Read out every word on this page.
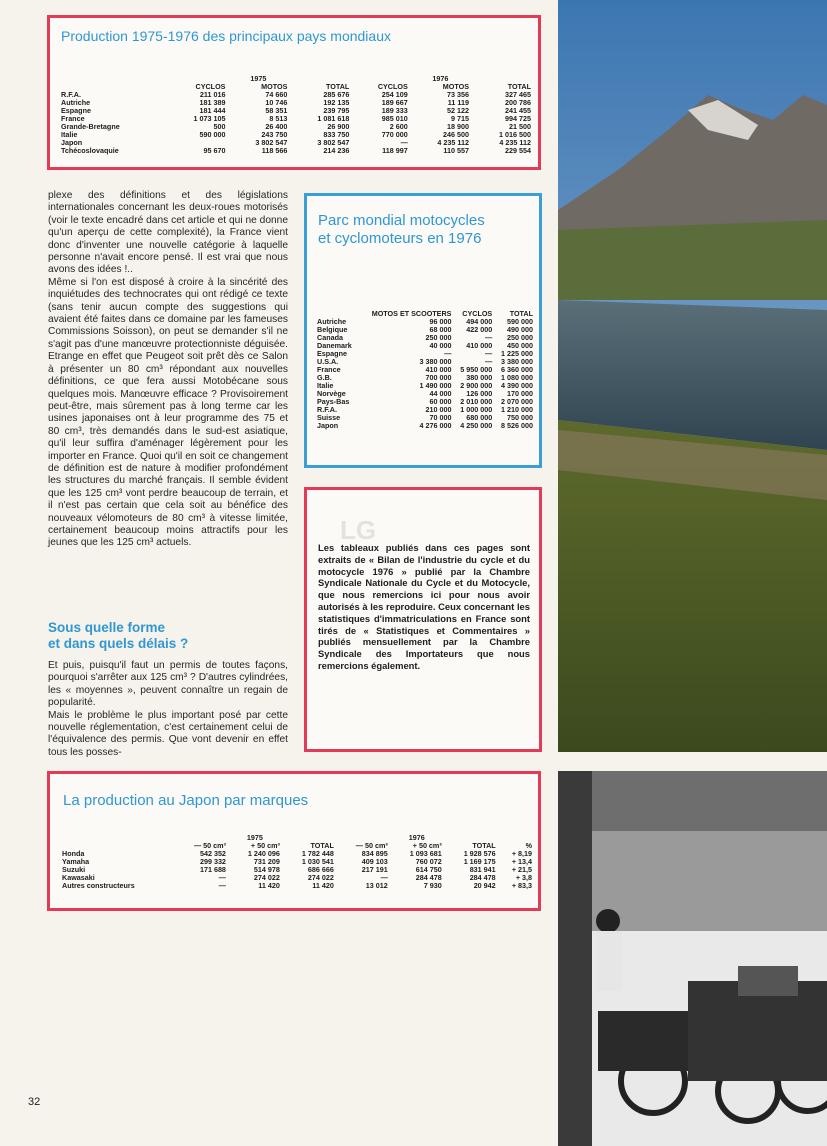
Production 1975-1976 des principaux pays mondiaux
		1975			1976	
	CYCLOS	MOTOS	TOTAL	CYCLOS	MOTOS	TOTAL
R.F.A.	211 016	74 660	285 676	254 109	73 356	327 465
Autriche	181 389	10 746	192 135	189 667	11 119	200 786
Espagne	181 444	58 351	239 795	189 333	52 122	241 455
France	1 073 105	8 513	1 081 618	985 010	9 715	994 725
Grande-Bretagne	500	26 400	26 900	2 600	18 900	21 500
Italie	590 000	243 750	833 750	770 000	246 500	1 016 500
Japon		3 802 547	3 802 547	—	4 235 112	4 235 112
Tchécoslovaquie	95 670	118 566	214 236	118 997	110 557	229 554

plexe des définitions et des législations internationales concernant les deux-roues motorisés (voir le texte encadré dans cet article et qui ne donne qu'un aperçu de cette complexité), la France vient donc d'inventer une nouvelle catégorie à laquelle personne n'avait encore pensé. Il est vrai que nous avons des idées !..

Même si l'on est disposé à croire à la sincérité des inquiétudes des technocrates qui ont rédigé ce texte (sans tenir aucun compte des suggestions qui avaient été faites dans ce domaine par les fameuses Commissions Soisson), on peut se demander s'il ne s'agit pas d'une manœuvre protectionniste déguisée. Etrange en effet que Peugeot soit prêt dès ce Salon à présenter un 80 cm³ répondant aux nouvelles définitions, ce que fera aussi Motobécane sous quelques mois. Manœuvre efficace ? Provisoirement peut-être, mais sûrement pas à long terme car les usines japonaises ont à leur programme des 75 et 80 cm³, très demandés dans le sud-est asiatique, qu'il leur suffira d'aménager légèrement pour les importer en France. Quoi qu'il en soit ce changement de définition est de nature à modifier profondément les structures du marché français. Il semble évident que les 125 cm³ vont perdre beaucoup de terrain, et il n'est pas certain que cela soit au bénéfice des nouveaux vélomoteurs de 80 cm³ à vitesse limitée, certainement beaucoup moins attractifs pour les jeunes que les 125 cm³ actuels.

Sous quelle forme
et dans quels délais ?

Et puis, puisqu'il faut un permis de toutes façons, pourquoi s'arrêter aux 125 cm³ ? D'autres cylindrées, les « moyennes », peuvent connaître un regain de popularité.

Mais le problème le plus important posé par cette nouvelle réglementation, c'est certainement celui de l'équivalence des permis. Que vont devenir en effet tous les posses-

Parc mondial motocycles
et cyclomoteurs en 1976
	MOTOS ET SCOOTERS	CYCLOS	TOTAL
Autriche	96 000	494 000	590 000
Belgique	68 000	422 000	490 000
Canada	250 000	—	250 000
Danemark	40 000	410 000	450 000
Espagne	—	—	1 225 000
U.S.A.	3 380 000	—	3 380 000
France	410 000	5 950 000	6 360 000
G.B.	700 000	380 000	1 080 000
Italie	1 490 000	2 900 000	4 390 000
Norvège	44 000	126 000	170 000
Pays-Bas	60 000	2 010 000	2 070 000
R.F.A.	210 000	1 000 000	1 210 000
Suisse	70 000	680 000	750 000
Japon	4 276 000	4 250 000	8 526 000
LG
Les tableaux publiés dans ces pages sont extraits de « Bilan de l'industrie du cycle et du motocycle 1976 » publié par la Chambre Syndicale Nationale du Cycle et du Motocycle, que nous remercions ici pour nous avoir autorisés à les reproduire. Ceux concernant les statistiques d'immatriculations en France sont tirés de « Statistiques et Commentaires » publiés mensuellement par la Chambre Syndicale des Importateurs que nous remercions également.
La production au Japon par marques
		1975			1976		
	— 50 cm³	+ 50 cm³	TOTAL	— 50 cm³	+ 50 cm³	TOTAL	%
Honda	542 352	1 240 096	1 782 448	834 895	1 093 681	1 928 576	+ 8,19
Yamaha	299 332	731 209	1 030 541	409 103	760 072	1 169 175	+ 13,4
Suzuki	171 688	514 978	686 666	217 191	614 750	831 941	+ 21,5
Kawasaki	—	274 022	274 022	—	284 478	284 478	+ 3,8
Autres constructeurs	—	11 420	11 420	13 012	7 930	20 942	+ 83,3
32
